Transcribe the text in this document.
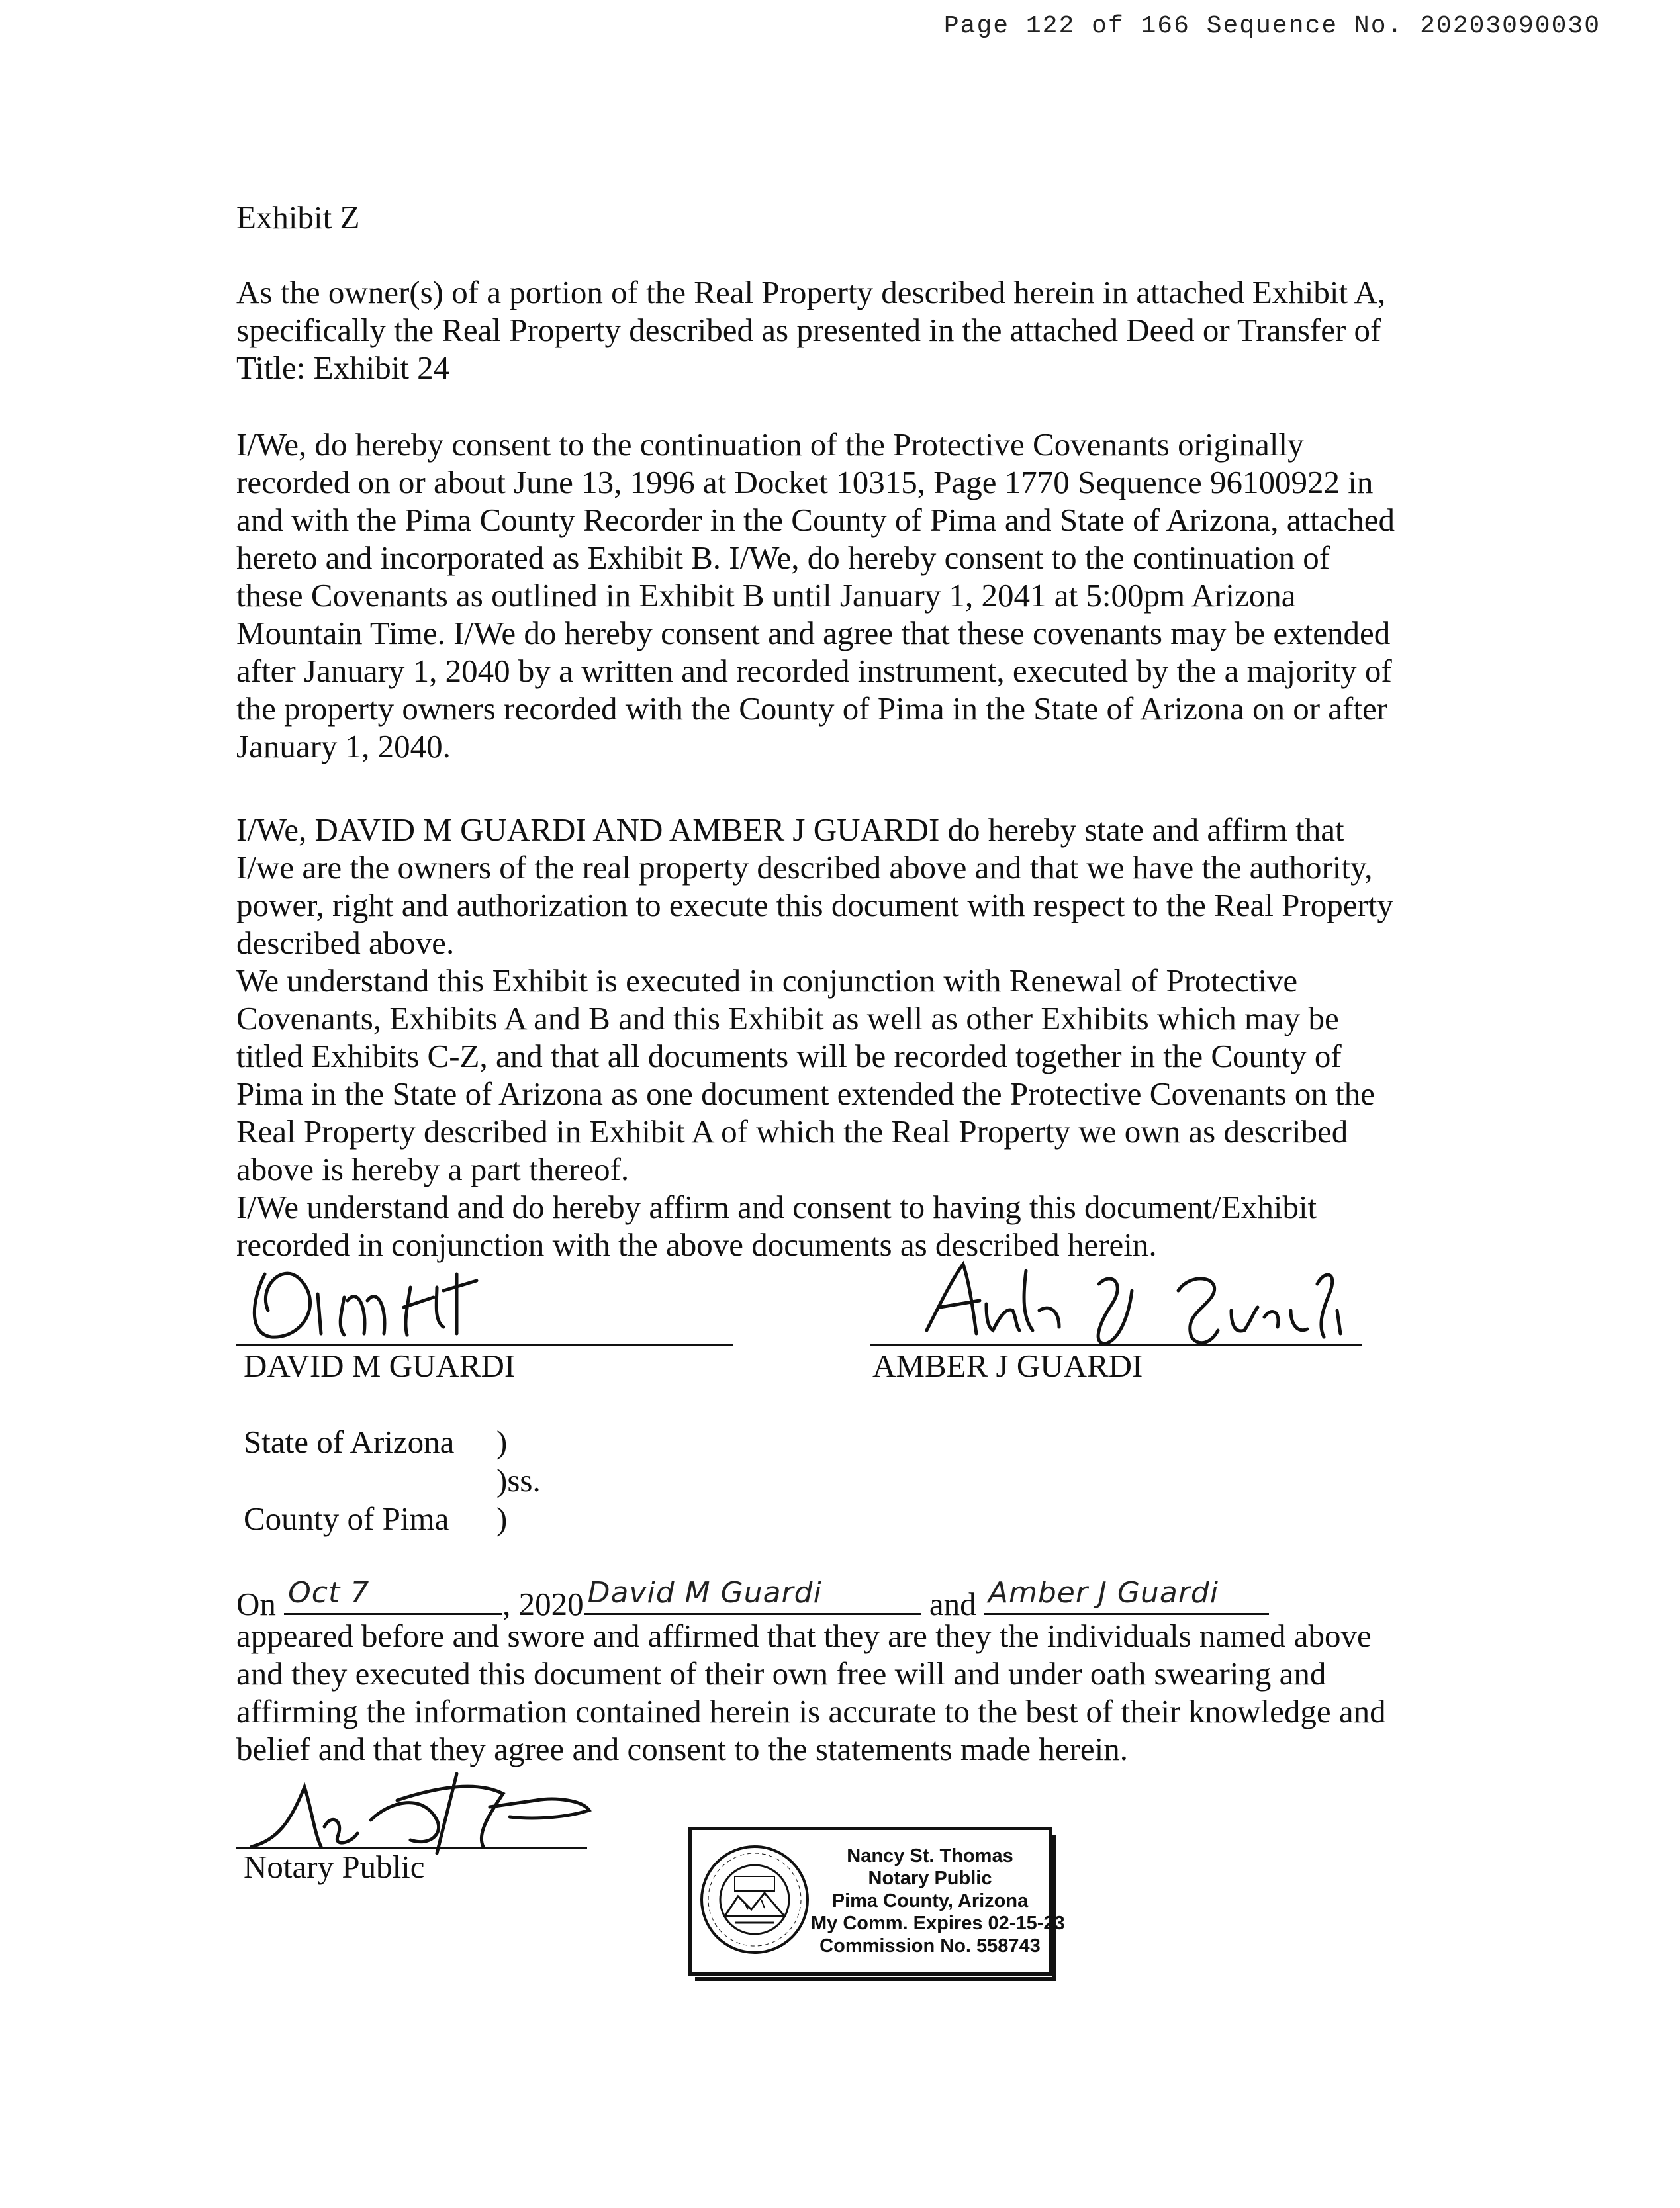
Page 122 of 166 Sequence No. 20203090030
Exhibit Z

As the owner(s) of a portion of the Real Property described herein in attached Exhibit A,

specifically the Real Property described as presented in the attached Deed or Transfer of

Title: Exhibit 24

I/We, do hereby consent to the continuation of the Protective Covenants originally

recorded on or about June 13, 1996 at Docket 10315, Page 1770 Sequence 96100922 in

and with the Pima County Recorder in the County of Pima and State of Arizona, attached

hereto and incorporated as Exhibit B. I/We, do hereby consent to the continuation of

these Covenants as outlined in Exhibit B until January 1, 2041 at 5:00pm Arizona

Mountain Time. I/We do hereby consent and agree that these covenants may be extended

after January 1, 2040 by a written and recorded instrument, executed by the a majority of

the property owners recorded with the County of Pima in the State of Arizona on or after

January 1, 2040.

I/We, DAVID M GUARDI AND AMBER J GUARDI do hereby state and affirm that

I/we are the owners of the real property described above and that we have the authority,

power, right and authorization to execute this document with respect to the Real Property

described above.

We understand this Exhibit is executed in conjunction with Renewal of Protective

Covenants, Exhibits A and B and this Exhibit as well as other Exhibits which may be

titled Exhibits C-Z, and that all documents will be recorded together in the County of

Pima in the State of Arizona as one document extended the Protective Covenants on the

Real Property described in Exhibit A of which the Real Property we own as described

above is hereby a part thereof.

I/We understand and do hereby affirm and consent to having this document/Exhibit

recorded in conjunction with the above documents as described herein.

DAVID M GUARDI	AMBER J GUARDI
State of Arizona )
)ss.
County of Pima )
On Oct 7	, 2020 David M Guardi	and Amber J Guardi

appeared before and swore and affirmed that they are they the individuals named above

and they executed this document of their own free will and under oath swearing and

affirming the information contained herein is accurate to the best of their knowledge and

belief and that they agree and consent to the statements made herein.

Notary Public	Nancy St. Thomas
Notary Public
Pima County, Arizona
My Comm. Expires 02-15-23
Commission No. 558743
